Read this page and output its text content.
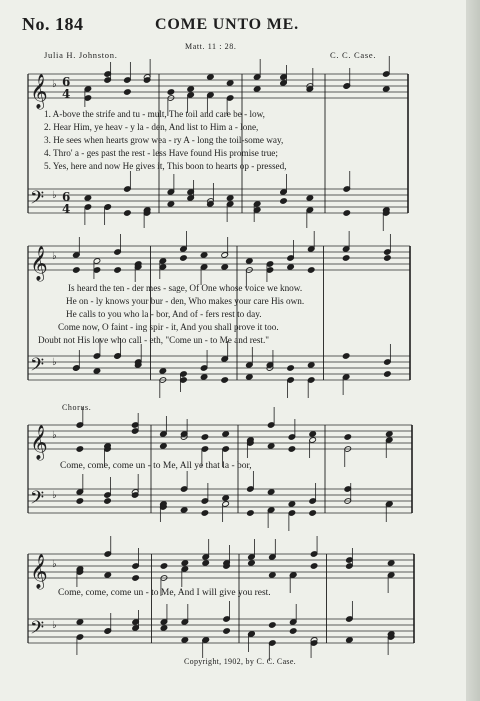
No. 184	COME UNTO ME.
Matt. 11 : 28.
Julia H. Johnston.	C. C. Case.
𝄞
𝄢
♭
♭
6
4
6
4
𝄞
𝄢
♭
♭
𝄞
𝄢
♭
♭
𝄞
𝄢
♭
♭
1. A-bove the strife and tu - mult, The toil and care be - low,
2. Hear Him, ye heav - y la - den, And list to Him a - lone,
3. He sees when hearts grow wea - ry A - long the toil-some way,
4. Thro' a - ges past the rest - less Have found His promise true;
5. Yes, here and now He gives it, This boon to hearts op - pressed,
Is heard the ten - der mes - sage, Of One whose voice we know.
He on - ly knows your bur - den, Who makes your care His own.
He calls to you who la - bor, And of - fers rest to day.
Come now, O faint - ing spir - it, And you shall prove it too.
Doubt not His love who call - eth, "Come un - to Me and rest."
Chorus.
Come, come, come un - to Me, All ye that la - bor,
Come, come, come un - to Me, And I will give you rest.
Copyright, 1902, by C. C. Case.
